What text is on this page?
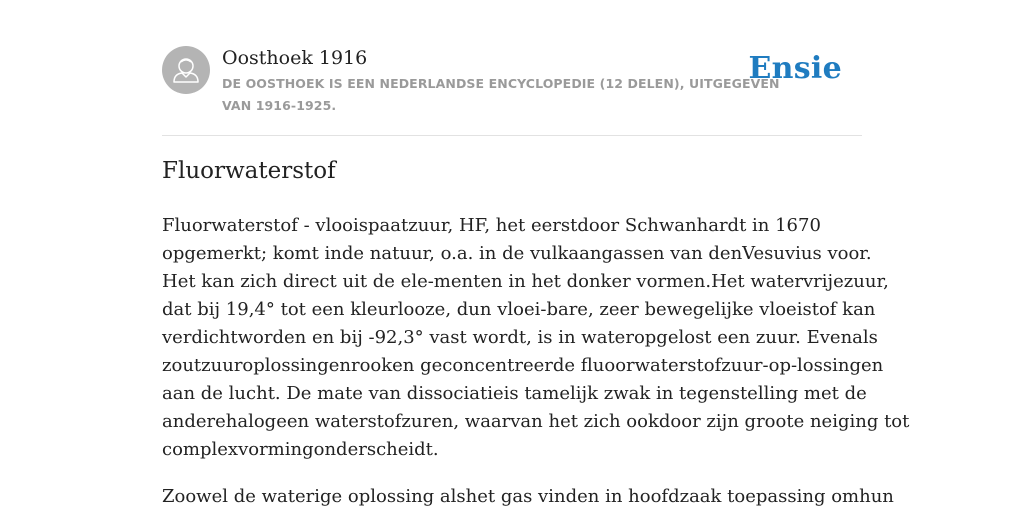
Oosthoek 1916
DE OOSTHOEK IS EEN NEDERLANDSE ENCYCLOPEDIE (12 DELEN), UITGEGEVEN
VAN 1916-1925.
Ensie
Fluorwaterstof

Fluorwaterstof - vlooispaatzuur, HF, het eerstdoor Schwanhardt in 1670
opgemerkt; komt inde natuur, o.a. in de vulkaangassen van denVesuvius voor.
Het kan zich direct uit de ele-menten in het donker vormen.Het watervrijezuur,
dat bij 19,4° tot een kleurlooze, dun vloei-bare, zeer bewegelijke vloeistof kan
verdichtworden en bij -92,3° vast wordt, is in wateropgelost een zuur. Evenals
zoutzuuroplossingenrooken geconcentreerde fluoorwaterstofzuur-op-lossingen
aan de lucht. De mate van dissociatieis tamelijk zwak in tegenstelling met de
anderehalogeen waterstofzuren, waarvan het zich ookdoor zijn groote neiging tot
complexvormingonderscheidt.

Zoowel de waterige oplossing alshet gas vinden in hoofdzaak toepassing omhun
